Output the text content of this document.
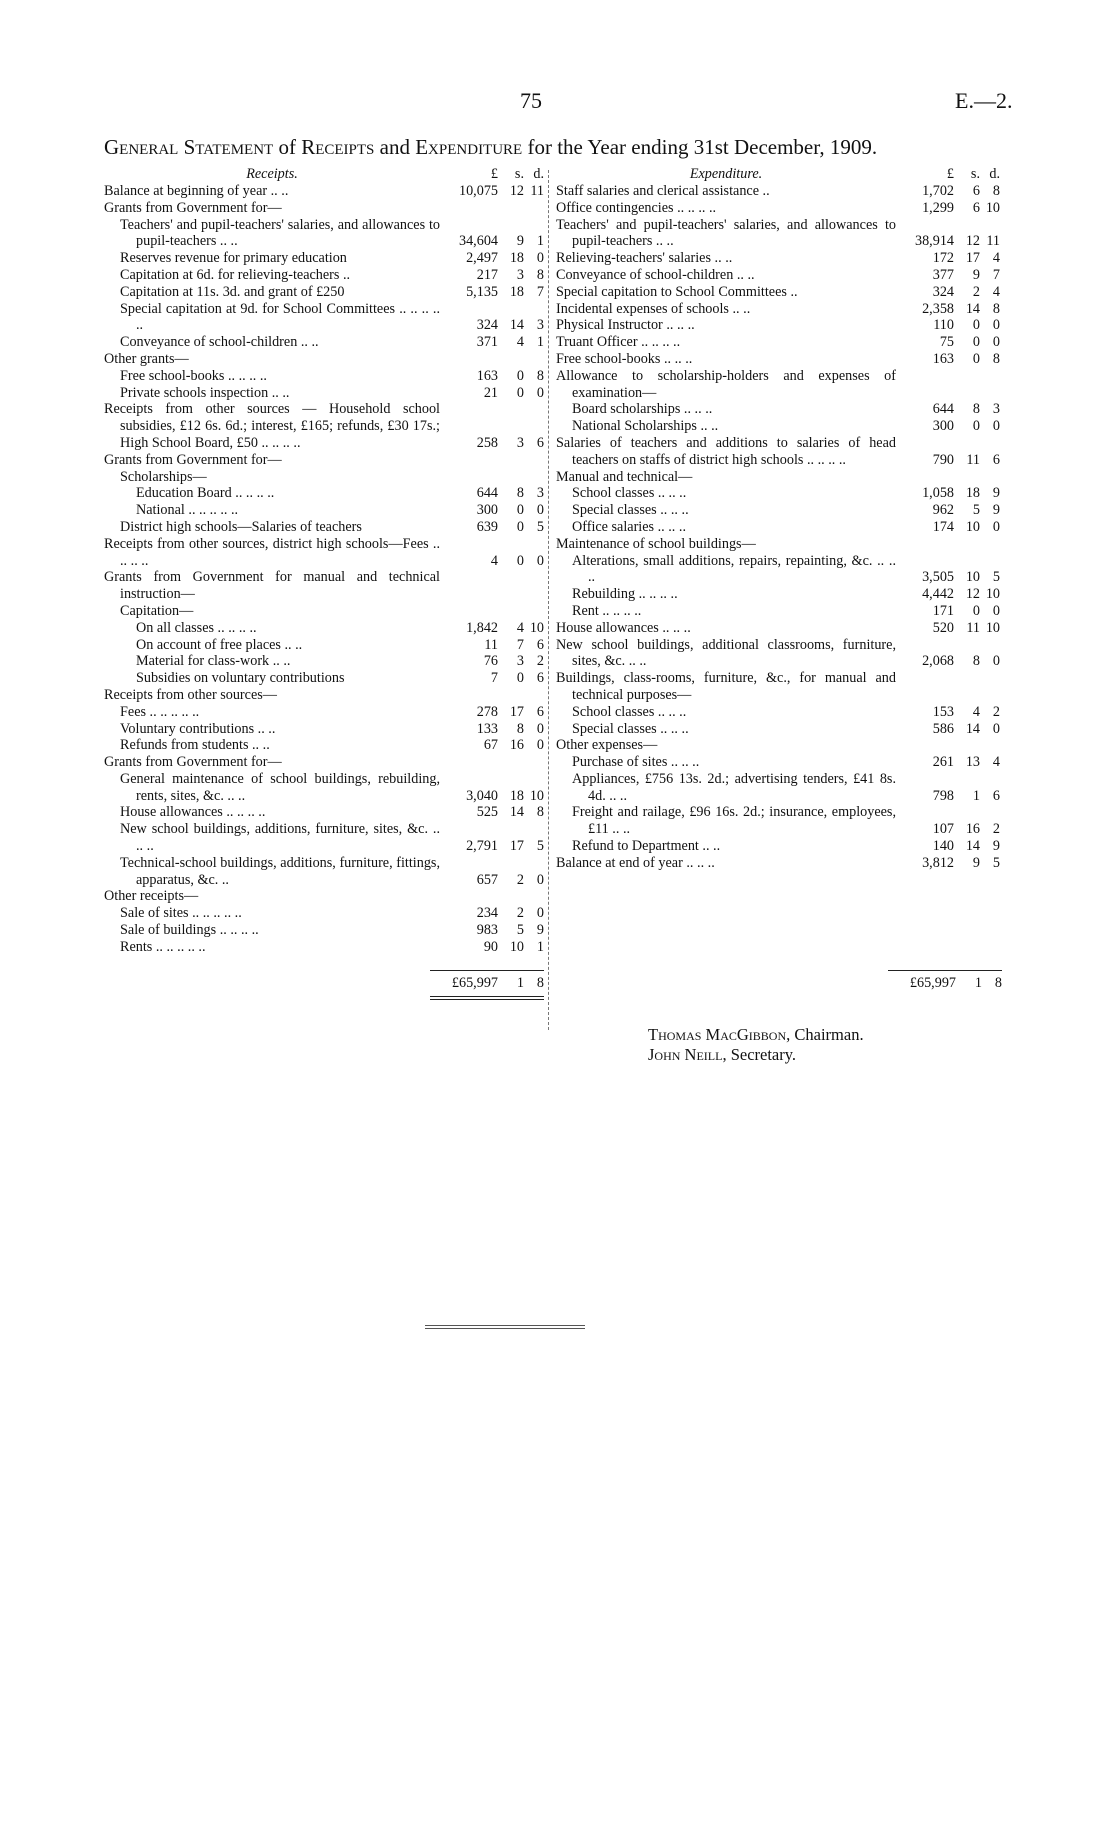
75	E.—2.
General Statement of Receipts and Expenditure for the Year ending 31st December, 1909.
Receipts.	£	s. d.
Balance at beginning of year .. ..	10,075 12 11
Grants from Government for—
Teachers' and pupil-teachers' salaries, and allowances to pupil-teachers .. ..	34,604	9 1
Reserves revenue for primary education	2,497 18 0
Capitation at 6d. for relieving-teachers ..	217	3 8
Capitation at 11s. 3d. and grant of £250	5,135 18 7
Special capitation at 9d. for School Committees .. .. .. .. ..	324 14 3
Conveyance of school-children .. ..	371	4 1
Other grants—
Free school-books .. .. .. ..	163	0 8
Private schools inspection .. ..	21	0 0
Receipts from other sources — Household school subsidies, £12 6s. 6d.; interest, £165; refunds, £30 17s.; High School Board, £50 .. .. .. ..	258	3 6
Grants from Government for—
Scholarships—
Education Board .. .. .. ..	644	8 3
National .. .. .. .. ..	300	0 0
District high schools—Salaries of teachers	639	0 5
Receipts from other sources, district high schools—Fees .. .. .. ..	4	0 0
Grants from Government for manual and technical instruction—
Capitation—
On all classes .. .. .. ..	1,842	4 10
On account of free places .. ..	11	7 6
Material for class-work .. ..	76	3 2
Subsidies on voluntary contributions	7	0 6
Receipts from other sources—
Fees .. .. .. .. ..	278 17 6
Voluntary contributions .. ..	133	8 0
Refunds from students .. ..	67 16 0
Grants from Government for—
General maintenance of school buildings, rebuilding, rents, sites, &c. .. ..	3,040 18 10
House allowances .. .. .. ..	525 14 8
New school buildings, additions, furniture, sites, &c. .. .. ..	2,791 17 5
Technical-school buildings, additions, furniture, fittings, apparatus, &c. ..	657	2 0
Other receipts—
Sale of sites .. .. .. .. ..	234	2 0
Sale of buildings .. .. .. ..	983	5 9
Rents .. .. .. .. ..	90 10 1
Expenditure.	£	s. d.
Staff salaries and clerical assistance ..	1,702	6 8
Office contingencies .. .. .. ..	1,299	6 10
Teachers' and pupil-teachers' salaries, and allowances to pupil-teachers .. ..	38,914 12 11
Relieving-teachers' salaries .. ..	172 17 4
Conveyance of school-children .. ..	377	9 7
Special capitation to School Committees ..	324	2 4
Incidental expenses of schools .. ..	2,358 14 8
Physical Instructor .. .. ..	110	0 0
Truant Officer .. .. .. ..	75	0 0
Free school-books .. .. ..	163	0 8
Allowance to scholarship-holders and expenses of examination—
Board scholarships .. .. ..	644	8 3
National Scholarships .. ..	300	0 0
Salaries of teachers and additions to salaries of head teachers on staffs of district high schools .. .. .. ..	790 11 6
Manual and technical—
School classes .. .. ..	1,058 18 9
Special classes .. .. ..	962	5 9
Office salaries .. .. ..	174 10 0
Maintenance of school buildings—
Alterations, small additions, repairs, repainting, &c. .. .. ..	3,505 10 5
Rebuilding .. .. .. ..	4,442 12 10
Rent .. .. .. ..	171	0 0
House allowances .. .. ..	520 11 10
New school buildings, additional classrooms, furniture, sites, &c. .. ..	2,068	8 0
Buildings, class-rooms, furniture, &c., for manual and technical purposes—
School classes .. .. ..	153	4 2
Special classes .. .. ..	586 14 0
Other expenses—
Purchase of sites .. .. ..	261 13 4
Appliances, £756 13s. 2d.; advertising tenders, £41 8s. 4d. .. ..	798	1 6
Freight and railage, £96 16s. 2d.; insurance, employees, £11 .. ..	107 16 2
Refund to Department .. ..	140 14 9
Balance at end of year .. .. ..	3,812	9 5
£65,997	1 8	£65,997	1 8
Thomas MacGibbon, Chairman.
John Neill, Secretary.
